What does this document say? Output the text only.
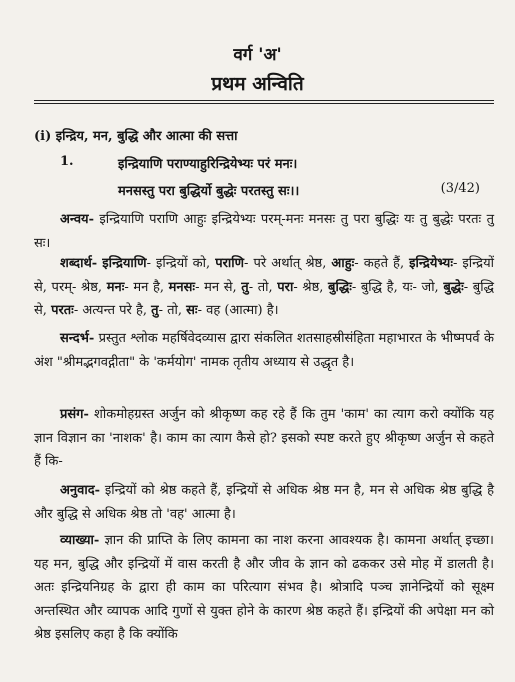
वर्ग 'अ'
प्रथम अन्विति
(i) इन्द्रिय, मन, बुद्धि और आत्मा की सत्ता
1.	इन्द्रियाणि पराण्याहुरिन्द्रियेभ्यः परं मनः।
मनसस्तु परा बुद्धिर्यो बुद्धेः परतस्तु सः।।	(3/42)
अन्वय- इन्द्रियाणि पराणि आहुः इन्द्रियेभ्यः परम्-मनः मनसः तु परा बुद्धिः यः तु बुद्धेः परतः तु सः।
शब्दार्थ- इन्द्रियाणि- इन्द्रियों को, पराणि- परे अर्थात् श्रेष्ठ, आहुः- कहते हैं, इन्द्रियेभ्यः- इन्द्रियों से, परम्- श्रेष्ठ, मनः- मन है, मनसः- मन से, तु- तो, परा- श्रेष्ठ, बुद्धिः- बुद्धि है, यः- जो, बुद्धेः- बुद्धि से, परतः- अत्यन्त परे है, तु- तो, सः- वह (आत्मा) है।
सन्दर्भ- प्रस्तुत श्लोक महर्षिवेदव्यास द्वारा संकलित शतसाहस्रीसंहिता महाभारत के भीष्मपर्व के अंश "श्रीमद्भगवद्गीता" के 'कर्मयोग' नामक तृतीय अध्याय से उद्धृत है।
प्रसंग- शोकमोहग्रस्त अर्जुन को श्रीकृष्ण कह रहे हैं कि तुम 'काम' का त्याग करो क्योंकि यह ज्ञान विज्ञान का 'नाशक' है। काम का त्याग कैसे हो? इसको स्पष्ट करते हुए श्रीकृष्ण अर्जुन से कहते हैं कि-
अनुवाद- इन्द्रियों को श्रेष्ठ कहते हैं, इन्द्रियों से अधिक श्रेष्ठ मन है, मन से अधिक श्रेष्ठ बुद्धि है और बुद्धि से अधिक श्रेष्ठ तो 'वह' आत्मा है।
व्याख्या- ज्ञान की प्राप्ति के लिए कामना का नाश करना आवश्यक है। कामना अर्थात् इच्छा। यह मन, बुद्धि और इन्द्रियों में वास करती है और जीव के ज्ञान को ढककर उसे मोह में डालती है। अतः इन्द्रियनिग्रह के द्वारा ही काम का परित्याग संभव है। श्रोत्रादि पञ्च ज्ञानेन्द्रियों को सूक्ष्म अन्तस्थित और व्यापक आदि गुणों से युक्त होने के कारण श्रेष्ठ कहते हैं। इन्द्रियों की अपेक्षा मन को श्रेष्ठ इसलिए कहा है कि क्योंकि
